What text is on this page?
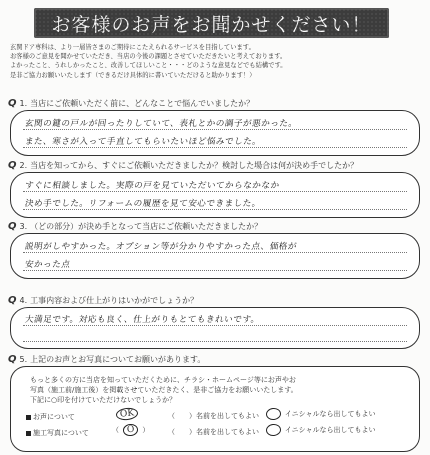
お客様のお声をお聞かせください！
玄関ドア専科は、より一層皆さまのご期待にこたえられるサービスを目指しています。
お客様のご意見を聞かせていただき、当店の今後の課題とさせていただきたいと考えております。
よかったこと、うれしかったこと、改善してほしいこと・・・どのような意見などでも結構です。
是非ご協力お願いいたします（できるだけ具体的に書いていただけると助かります！）
Q 1. 当店にご依頼いただく前に、どんなことで悩んでいましたか？
玄関の鍵の戸ルが回ったりしていて、表札とかの調子が悪かった。
また、寒さが入って手直してもらいたいほど悩みでした。
Q 2. 当店を知ってから、すぐにご依頼いただきましたか？検討した場合は何が決め手でしたか？
すぐに相談しました。実際の戸を見ていただいてからなかなか
決め手でした。リフォームの履歴を見て安心できました。
Q 3. （どの部分）が決め手となって当店にご依頼いただきましたか？
説明がしやすかった。オプション等が分かりやすかった点、価格が
安かった点
Q 4. 工事内容および仕上がりはいかがでしょうか？
大満足です。対応も良く、仕上がりもとてもきれいです。
Q 5. 上記のお声とお写真についてお願いがあります。
もっと多くの方に当店を知っていただくために、チラシ・ホームページ等にお声やお
写真（施工前/施工後）を掲載させていただきたく、是非ご協力をお願いいたします。
下記に○印を付けていただけないでしょうか？
お声について	OK	（ ） 名前を出してもよい
	イニシャルなら出してもよい
施工写真について	（ O	）	（ ） 名前を出してもよい
	イニシャルなら出してもよい
